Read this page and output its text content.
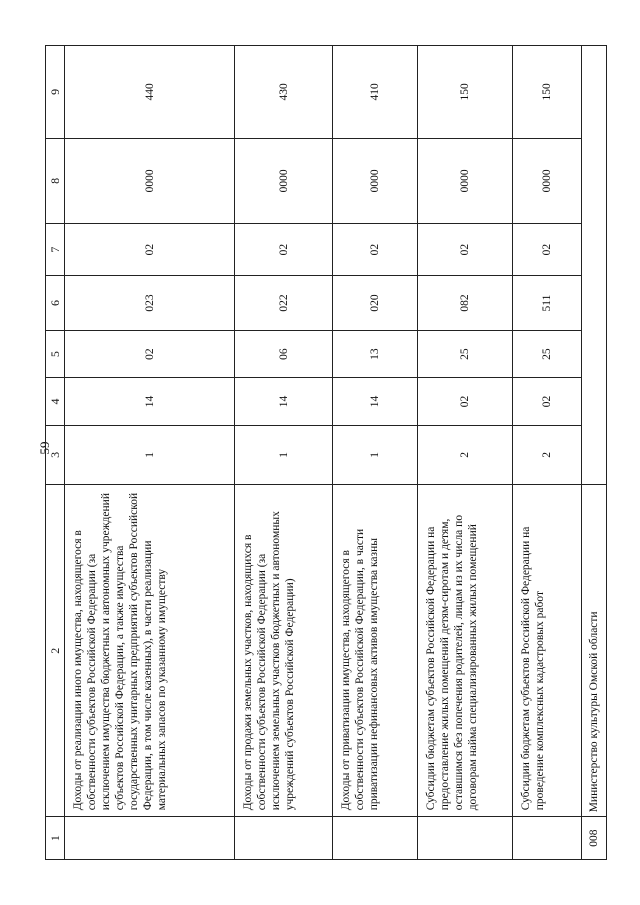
59
1	2	3	4	5	6	7	8	9
	Доходы от реализации иного имущества, находящегося в собственности субъектов Российской Федерации (за исключением имущества бюджетных и автономных учреждений субъектов Российской Федерации, а также имущества государственных унитарных предприятий субъектов Российской Федерации, в том числе казенных), в части реализации материальных запасов по указанному имуществу	1	14	02	023	02	0000	440
	Доходы от продажи земельных участков, находящихся в собственности субъектов Российской Федерации (за исключением земельных участков бюджетных и автономных учреждений субъектов Российской Федерации)	1	14	06	022	02	0000	430
	Доходы от приватизации имущества, находящегося в собственности субъектов Российской Федерации, в части приватизации нефинансовых активов имущества казны	1	14	13	020	02	0000	410
	Субсидии бюджетам субъектов Российской Федерации на предоставление жилых помещений детям-сиротам и детям, оставшимся без попечения родителей, лицам из их числа по договорам найма специализированных жилых помещений	2	02	25	082	02	0000	150
	Субсидии бюджетам субъектов Российской Федерации на проведение комплексных кадастровых работ	2	02	25	511	02	0000	150
008	Министерство культуры Омской области							
